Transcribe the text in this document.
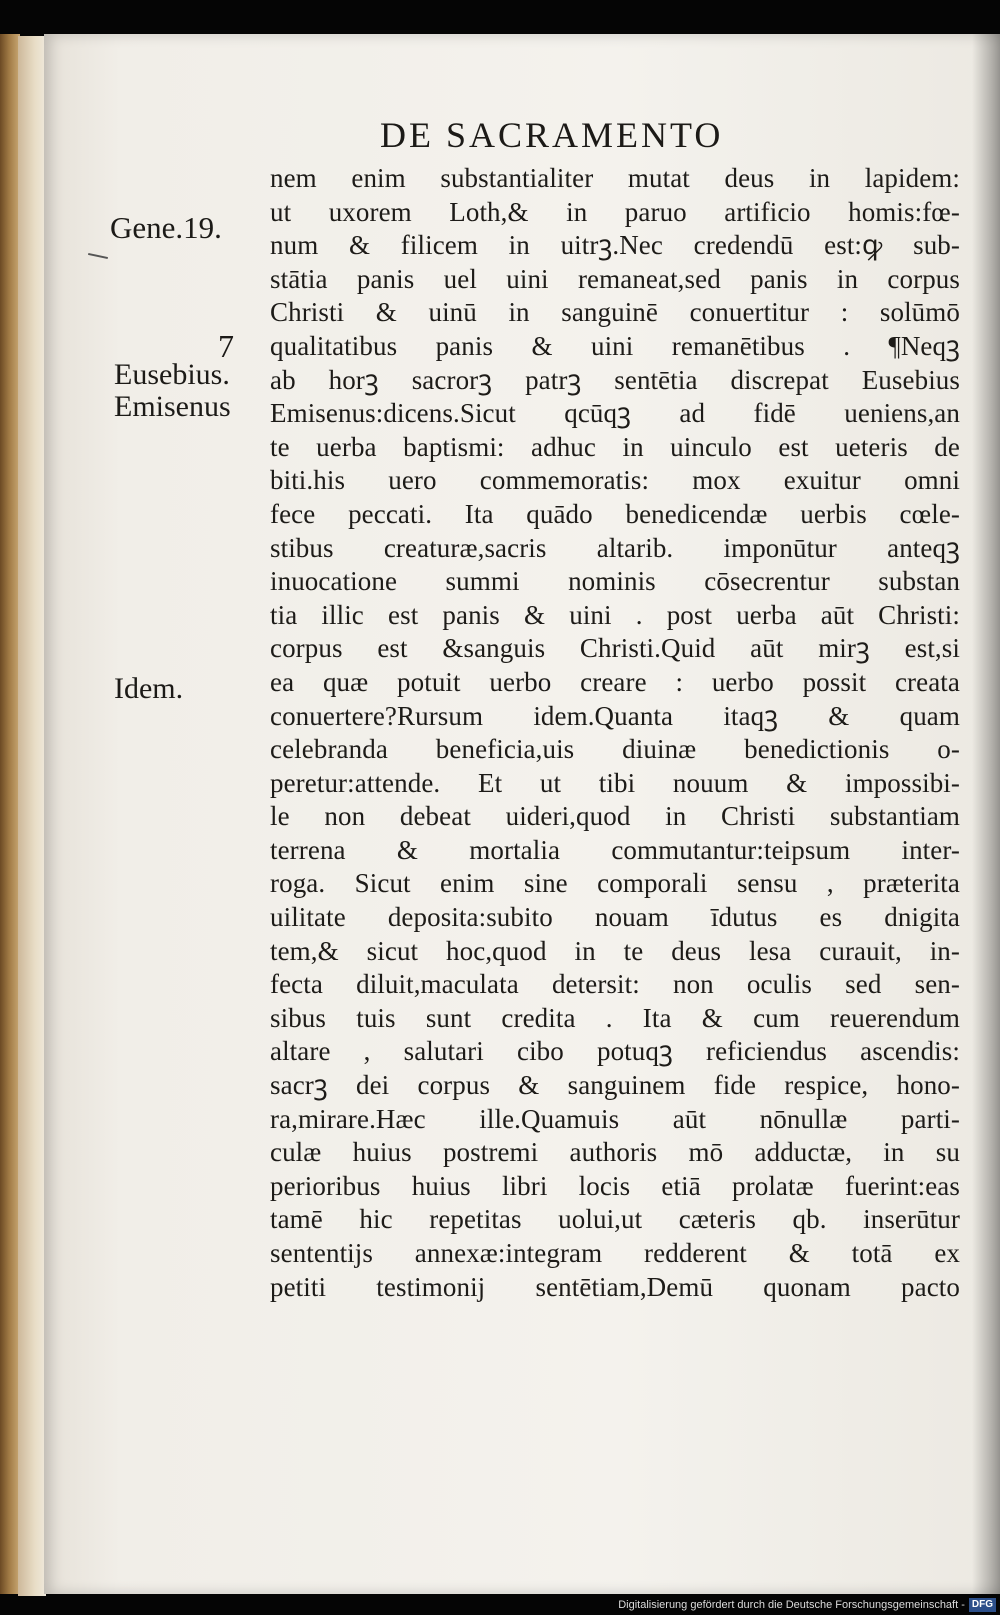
DE SACRAMENTO
Gene.19.
7
Eusebius.
Emisenus
Idem.
nem enim substantialiter mutat deus in lapidem:
ut uxorem Loth,& in paruo artificio homis:fœ-
num & filicem in uitrꝫ.Nec credendū est:ꝙ sub-
stātia panis uel uini remaneat,sed panis in corpus
Christi & uinū in sanguinē conuertitur : solūmō
qualitatibus panis & uini remanētibus . ¶Neqꝫ
ab horꝫ sacrorꝫ patrꝫ sentētia discrepat Eusebius
Emisenus:dicens.Sicut qcūqꝫ ad fidē ueniens,an
te uerba baptismi: adhuc in uinculo est ueteris de
biti.his uero commemoratis: mox exuitur omni
fece peccati. Ita quādo benedicendæ uerbis cœle-
stibus creaturæ,sacris altarib. imponūtur anteqꝫ
inuocatione summi nominis cōsecrentur substan
tia illic est panis & uini . post uerba aūt Christi:
corpus est &sanguis Christi.Quid aūt mirꝫ est,si
ea quæ potuit uerbo creare : uerbo possit creata
conuertere?Rursum idem.Quanta itaqꝫ & quam
celebranda beneficia,uis diuinæ benedictionis o-
peretur:attende. Et ut tibi nouum & impossibi-
le non debeat uideri,quod in Christi substantiam
terrena & mortalia commutantur:teipsum inter-
roga. Sicut enim sine comporali sensu , præterita
uilitate deposita:subito nouam īdutus es dnigita
tem,& sicut hoc,quod in te deus lesa curauit, in-
fecta diluit,maculata detersit: non oculis sed sen-
sibus tuis sunt credita . Ita & cum reuerendum
altare , salutari cibo potuqꝫ reficiendus ascendis:
sacrꝫ dei corpus & sanguinem fide respice, hono-
ra,mirare.Hæc ille.Quamuis aūt nōnullæ parti-
culæ huius postremi authoris mō adductæ, in su
perioribus huius libri locis etiā prolatæ fuerint:eas
tamē hic repetitas uolui,ut cæteris qb. inserūtur
sententijs annexæ:integram redderent & totā ex
petiti testimonij sentētiam,Demū quonam pacto
Digitalisierung gefördert durch die Deutsche Forschungsgemeinschaft - DFG
